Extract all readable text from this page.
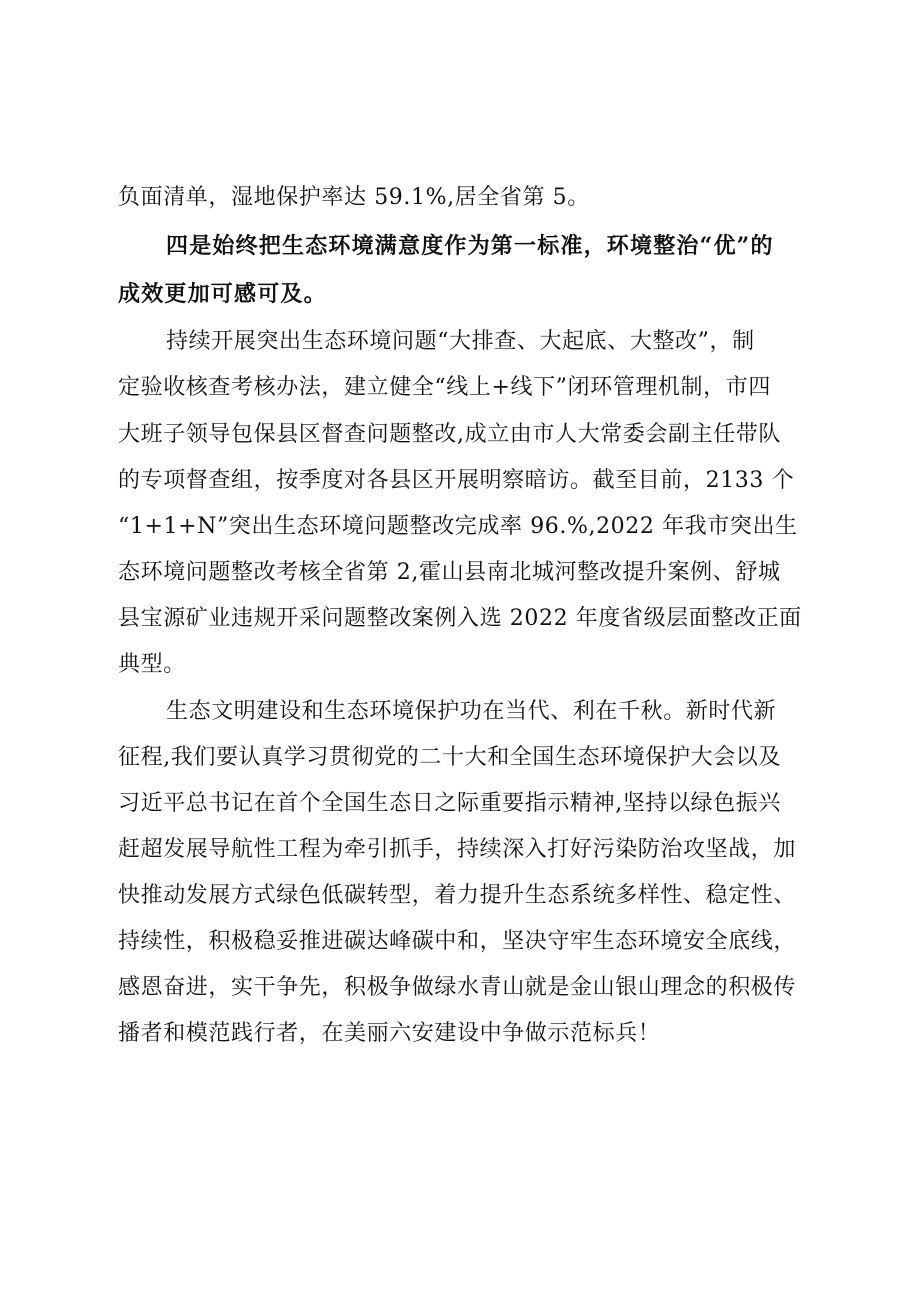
负面清单，湿地保护率达 59.1%,居全省第 5。
四是始终把生态环境满意度作为第一标准，环境整治“优”的
成效更加可感可及。
持续开展突出生态环境问题“大排查、大起底、大整改”，制
定验收核查考核办法，建立健全“线上+线下”闭环管理机制，市四
大班子领导包保县区督查问题整改,成立由市人大常委会副主任带队
的专项督查组，按季度对各县区开展明察暗访。截至目前，2133 个
“1+1+N”突出生态环境问题整改完成率 96.%,2022 年我市突出生
态环境问题整改考核全省第 2,霍山县南北城河整改提升案例、舒城
县宝源矿业违规开采问题整改案例入选 2022 年度省级层面整改正面
典型。
生态文明建设和生态环境保护功在当代、利在千秋。新时代新
征程,我们要认真学习贯彻党的二十大和全国生态环境保护大会以及
习近平总书记在首个全国生态日之际重要指示精神,坚持以绿色振兴
赶超发展导航性工程为牵引抓手，持续深入打好污染防治攻坚战，加
快推动发展方式绿色低碳转型，着力提升生态系统多样性、稳定性、
持续性，积极稳妥推进碳达峰碳中和，坚决守牢生态环境安全底线，
感恩奋进，实干争先，积极争做绿水青山就是金山银山理念的积极传
播者和模范践行者，在美丽六安建设中争做示范标兵！
